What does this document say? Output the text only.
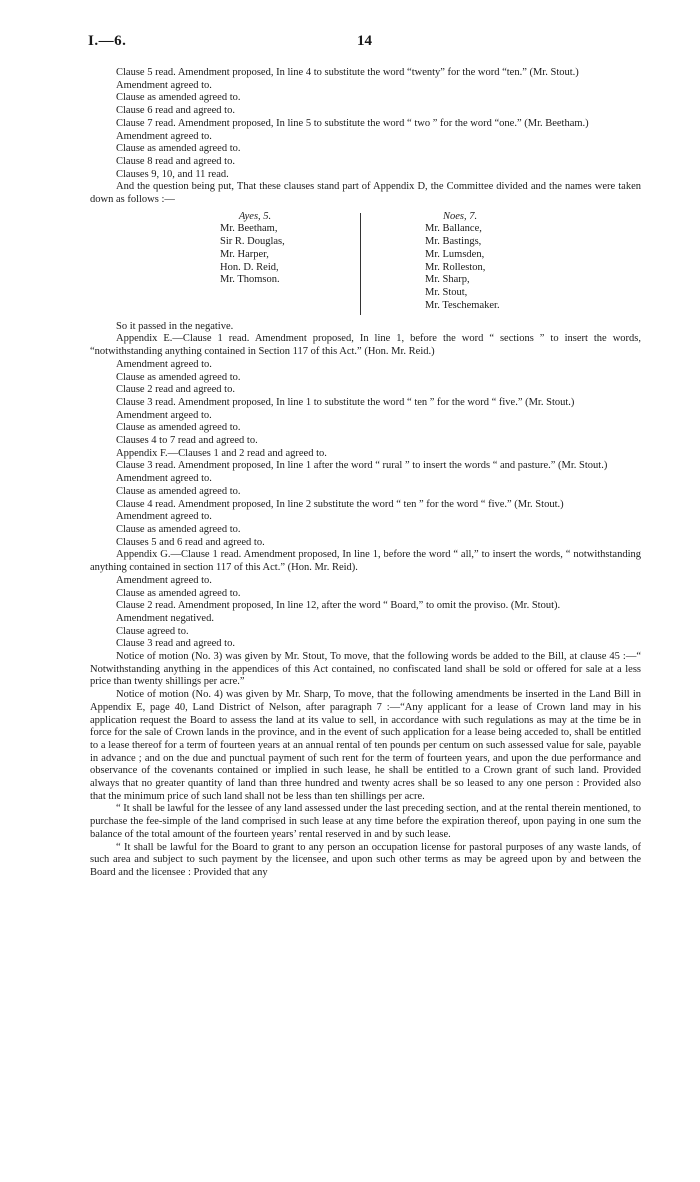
I.—6.	14

Clause 5 read. Amendment proposed, In line 4 to substitute the word “twenty” for the word “ten.” (Mr. Stout.)

Amendment agreed to.

Clause as amended agreed to.

Clause 6 read and agreed to.

Clause 7 read. Amendment proposed, In line 5 to substitute the word “ two ” for the word “one.” (Mr. Beetham.)

Amendment agreed to.

Clause as amended agreed to.

Clause 8 read and agreed to.

Clauses 9, 10, and 11 read.

And the question being put, That these clauses stand part of Appendix D, the Committee divided and the names were taken down as follows :—

Ayes, 5.
Mr. Beetham,
Sir R. Douglas,
Mr. Harper,
Hon. D. Reid,
Mr. Thomson.
Noes, 7.
Mr. Ballance,
Mr. Bastings,
Mr. Lumsden,
Mr. Rolleston,
Mr. Sharp,
Mr. Stout,
Mr. Teschemaker.

So it passed in the negative.

Appendix E.—Clause 1 read. Amendment proposed, In line 1, before the word “ sections ” to insert the words, “notwithstanding anything contained in Section 117 of this Act.” (Hon. Mr. Reid.)

Amendment agreed to.

Clause as amended agreed to.

Clause 2 read and agreed to.

Clause 3 read. Amendment proposed, In line 1 to substitute the word “ ten ” for the word “ five.” (Mr. Stout.)

Amendment argeed to.

Clause as amended agreed to.

Clauses 4 to 7 read and agreed to.

Appendix F.—Clauses 1 and 2 read and agreed to.

Clause 3 read. Amendment proposed, In line 1 after the word “ rural ” to insert the words “ and pasture.” (Mr. Stout.)

Amendment agreed to.

Clause as amended agreed to.

Clause 4 read. Amendment proposed, In line 2 substitute the word “ ten ” for the word “ five.” (Mr. Stout.)

Amendment agreed to.

Clause as amended agreed to.

Clauses 5 and 6 read and agreed to.

Appendix G.—Clause 1 read. Amendment proposed, In line 1, before the word “ all,” to insert the words, “ notwithstanding anything contained in section 117 of this Act.” (Hon. Mr. Reid).

Amendment agreed to.

Clause as amended agreed to.

Clause 2 read. Amendment proposed, In line 12, after the word “ Board,” to omit the proviso. (Mr. Stout).

Amendment negatived.

Clause agreed to.

Clause 3 read and agreed to.

Notice of motion (No. 3) was given by Mr. Stout, To move, that the following words be added to the Bill, at clause 45 :—“ Notwithstanding anything in the appendices of this Act contained, no confiscated land shall be sold or offered for sale at a less price than twenty shillings per acre.”

Notice of motion (No. 4) was given by Mr. Sharp, To move, that the following amendments be inserted in the Land Bill in Appendix E, page 40, Land District of Nelson, after paragraph 7 :—“Any applicant for a lease of Crown land may in his application request the Board to assess the land at its value to sell, in accordance with such regulations as may at the time be in force for the sale of Crown lands in the province, and in the event of such application for a lease being acceded to, shall be entitled to a lease thereof for a term of fourteen years at an annual rental of ten pounds per centum on such assessed value for sale, payable in advance ; and on the due and punctual payment of such rent for the term of fourteen years, and upon the due performance and observance of the covenants contained or implied in such lease, he shall be entitled to a Crown grant of such land. Provided always that no greater quantity of land than three hundred and twenty acres shall be so leased to any one person : Provided also that the minimum price of such land shall not be less than ten shillings per acre.

“ It shall be lawful for the lessee of any land assessed under the last preceding section, and at the rental therein mentioned, to purchase the fee-simple of the land comprised in such lease at any time before the expiration thereof, upon paying in one sum the balance of the total amount of the fourteen years’ rental reserved in and by such lease.

“ It shall be lawful for the Board to grant to any person an occupation license for pastoral purposes of any waste lands, of such area and subject to such payment by the licensee, and upon such other terms as may be agreed upon by and between the Board and the licensee : Provided that any
